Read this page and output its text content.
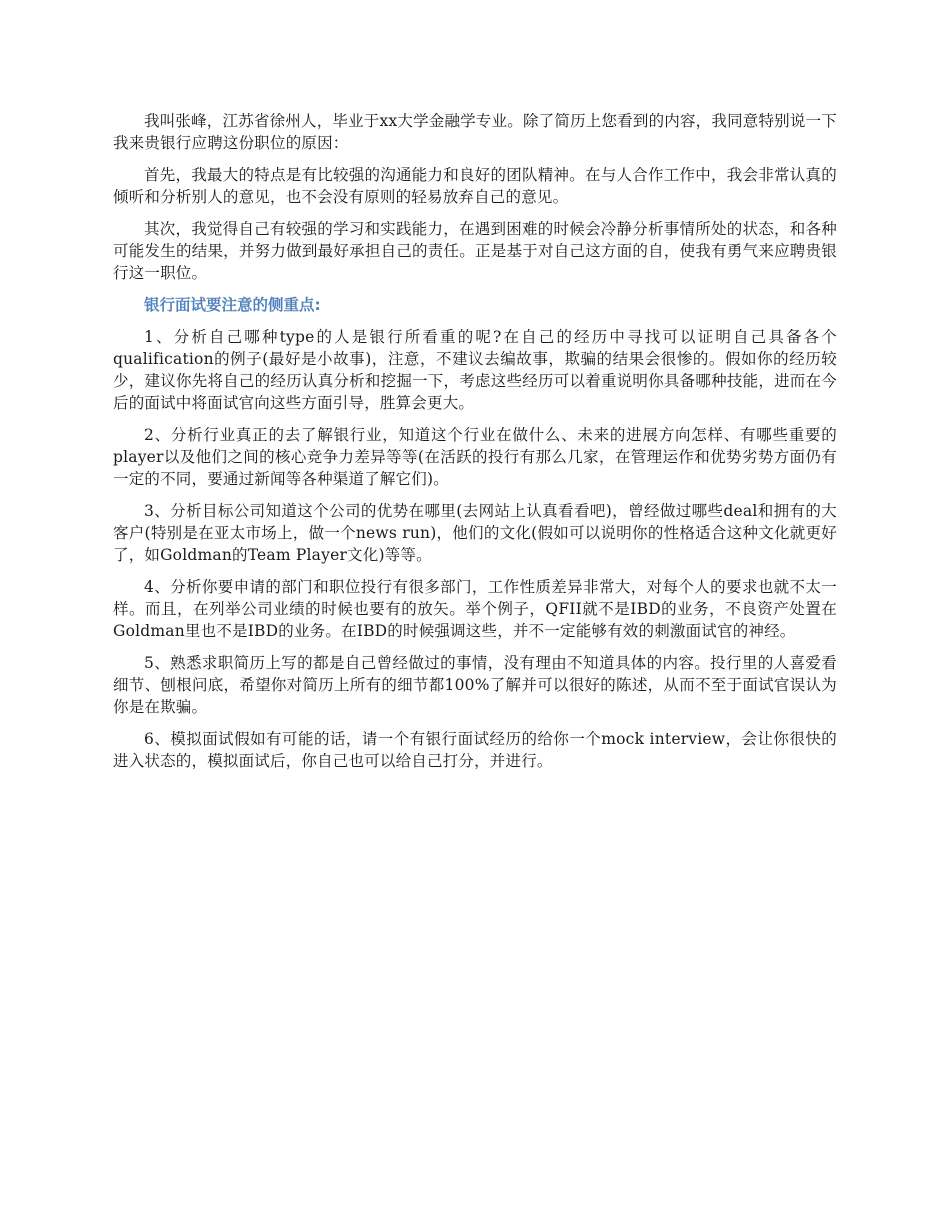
我叫张峰，江苏省徐州人，毕业于xx大学金融学专业。除了简历上您看到的内容，我同意特别说一下我来贵银行应聘这份职位的原因：

首先，我最大的特点是有比较强的沟通能力和良好的团队精神。在与人合作工作中，我会非常认真的倾听和分析别人的意见，也不会没有原则的轻易放弃自己的意见。

其次，我觉得自己有较强的学习和实践能力，在遇到困难的时候会冷静分析事情所处的状态，和各种可能发生的结果，并努力做到最好承担自己的责任。正是基于对自己这方面的自，使我有勇气来应聘贵银行这一职位。

银行面试要注意的侧重点:

1、分析自己哪种type的人是银行所看重的呢?在自己的经历中寻找可以证明自己具备各个qualification的例子(最好是小故事)，注意，不建议去编故事，欺骗的结果会很惨的。假如你的经历较少，建议你先将自己的经历认真分析和挖掘一下，考虑这些经历可以着重说明你具备哪种技能，进而在今后的面试中将面试官向这些方面引导，胜算会更大。

2、分析行业真正的去了解银行业，知道这个行业在做什么、未来的进展方向怎样、有哪些重要的player以及他们之间的核心竞争力差异等等(在活跃的投行有那么几家，在管理运作和优势劣势方面仍有一定的不同，要通过新闻等各种渠道了解它们)。

3、分析目标公司知道这个公司的优势在哪里(去网站上认真看看吧)，曾经做过哪些deal和拥有的大客户(特别是在亚太市场上，做一个news run)，他们的文化(假如可以说明你的性格适合这种文化就更好了，如Goldman的Team Player文化)等等。

4、分析你要申请的部门和职位投行有很多部门，工作性质差异非常大，对每个人的要求也就不太一样。而且，在列举公司业绩的时候也要有的放矢。举个例子，QFII就不是IBD的业务，不良资产处置在Goldman里也不是IBD的业务。在IBD的时候强调这些，并不一定能够有效的刺激面试官的神经。

5、熟悉求职简历上写的都是自己曾经做过的事情，没有理由不知道具体的内容。投行里的人喜爱看细节、刨根问底，希望你对简历上所有的细节都100%了解并可以很好的陈述，从而不至于面试官误认为你是在欺骗。

6、模拟面试假如有可能的话，请一个有银行面试经历的给你一个mock interview，会让你很快的进入状态的，模拟面试后，你自己也可以给自己打分，并进行。
